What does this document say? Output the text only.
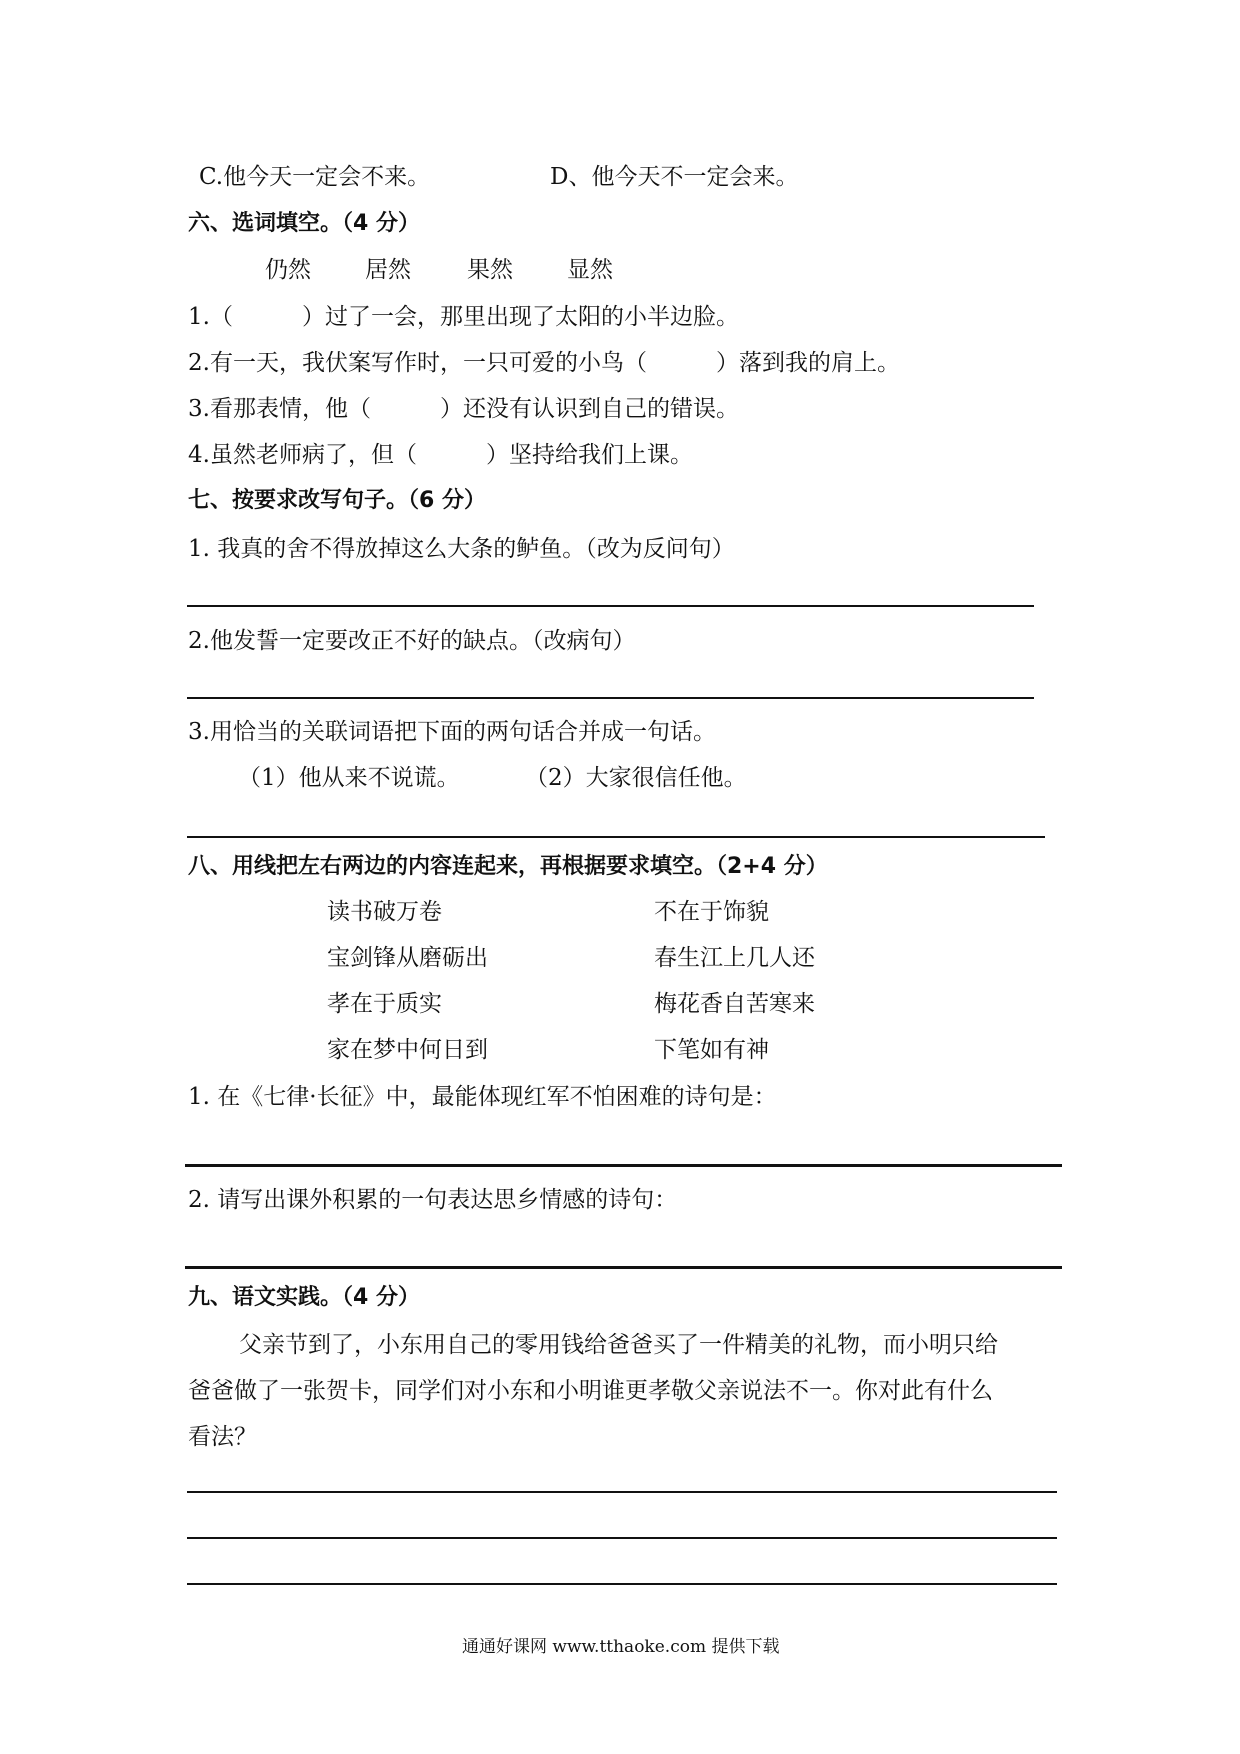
C.他今天一定会不来。	D、他今天不一定会来。
六、选词填空。（4 分）
仍然 居然 果然 显然
1.（　　　）过了一会，那里出现了太阳的小半边脸。
2.有一天，我伏案写作时，一只可爱的小鸟（　　　）落到我的肩上。
3.看那表情，他（　　　）还没有认识到自己的错误。
4.虽然老师病了，但（　　　）坚持给我们上课。
七、按要求改写句子。（6 分）
1. 我真的舍不得放掉这么大条的鲈鱼。（改为反问句）
2.他发誓一定要改正不好的缺点。（改病句）
3.用恰当的关联词语把下面的两句话合并成一句话。
（1）他从来不说谎。	（2）大家很信任他。
八、用线把左右两边的内容连起来，再根据要求填空。（2+4 分）
读书破万卷
宝剑锋从磨砺出
孝在于质实
家在梦中何日到
不在于饰貌
春生江上几人还
梅花香自苦寒来
下笔如有神
1. 在《七律·长征》中，最能体现红军不怕困难的诗句是：
2. 请写出课外积累的一句表达思乡情感的诗句：
九、语文实践。（4 分）
父亲节到了，小东用自己的零用钱给爸爸买了一件精美的礼物，而小明只给
爸爸做了一张贺卡，同学们对小东和小明谁更孝敬父亲说法不一。你对此有什么
看法？
通通好课网 www.tthaoke.com 提供下载
